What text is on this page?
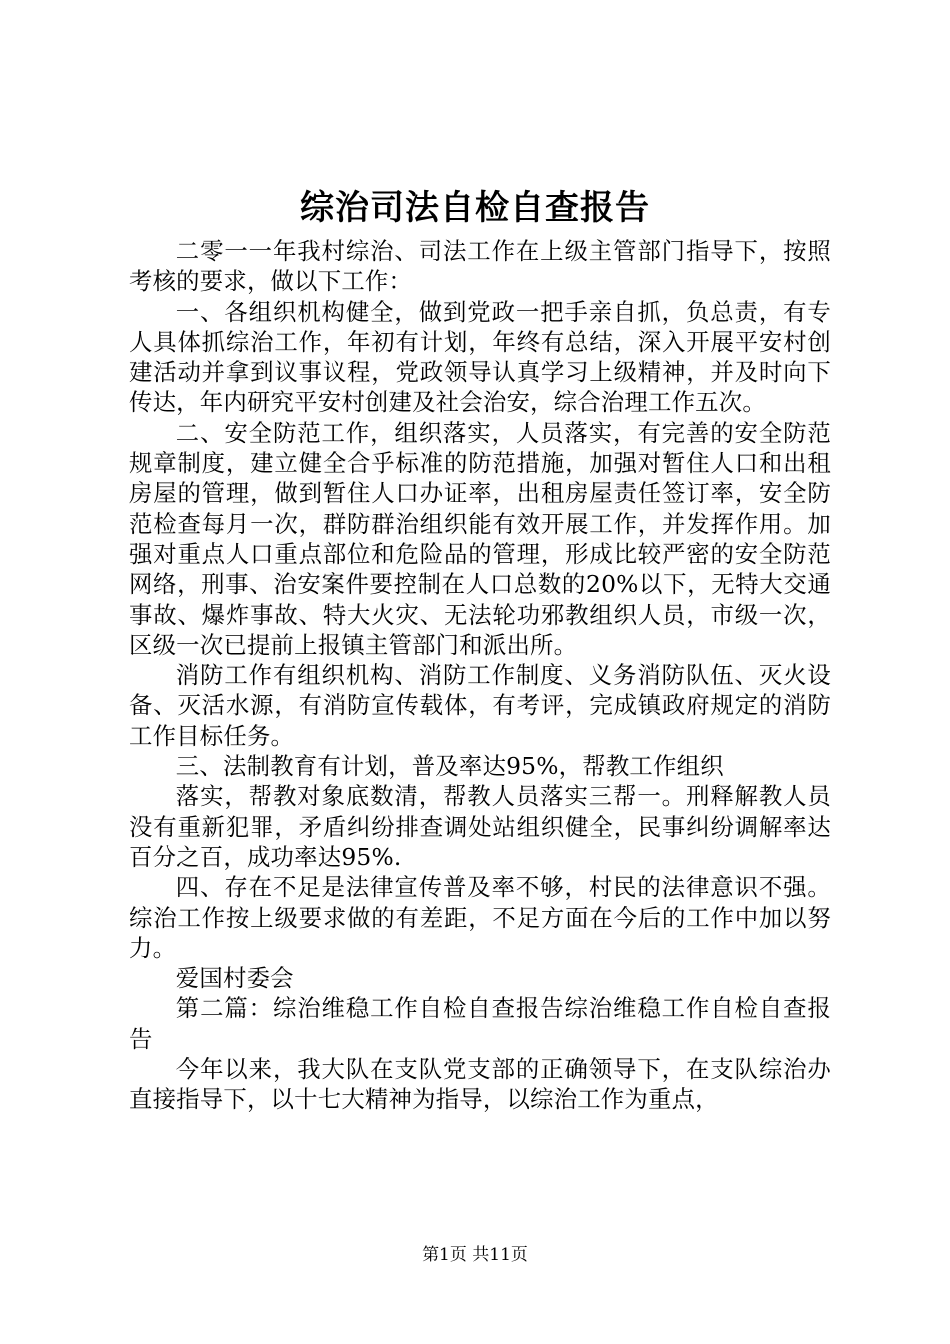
综治司法自检自查报告

二零一一年我村综治、司法工作在上级主管部门指导下，按照考核的要求，做以下工作：

一、各组织机构健全，做到党政一把手亲自抓，负总责，有专人具体抓综治工作，年初有计划，年终有总结，深入开展平安村创建活动并拿到议事议程，党政领导认真学习上级精神，并及时向下传达，年内研究平安村创建及社会治安，综合治理工作五次。

二、安全防范工作，组织落实，人员落实，有完善的安全防范规章制度，建立健全合乎标准的防范措施，加强对暂住人口和出租房屋的管理，做到暂住人口办证率，出租房屋责任签订率，安全防范检查每月一次，群防群治组织能有效开展工作，并发挥作用。加强对重点人口重点部位和危险品的管理，形成比较严密的安全防范网络，刑事、治安案件要控制在人口总数的20%以下，无特大交通事故、爆炸事故、特大火灾、无法轮功邪教组织人员，市级一次，区级一次已提前上报镇主管部门和派出所。

消防工作有组织机构、消防工作制度、义务消防队伍、灭火设备、灭活水源，有消防宣传载体，有考评，完成镇政府规定的消防工作目标任务。

三、法制教育有计划，普及率达95%，帮教工作组织

落实，帮教对象底数清，帮教人员落实三帮一。刑释解教人员没有重新犯罪，矛盾纠纷排查调处站组织健全，民事纠纷调解率达百分之百，成功率达95%.

四、存在不足是法律宣传普及率不够，村民的法律意识不强。综治工作按上级要求做的有差距，不足方面在今后的工作中加以努力。

爱国村委会

第二篇：综治维稳工作自检自查报告综治维稳工作自检自查报告

今年以来，我大队在支队党支部的正确领导下，在支队综治办直接指导下，以十七大精神为指导，以综治工作为重点，

第1页 共11页
